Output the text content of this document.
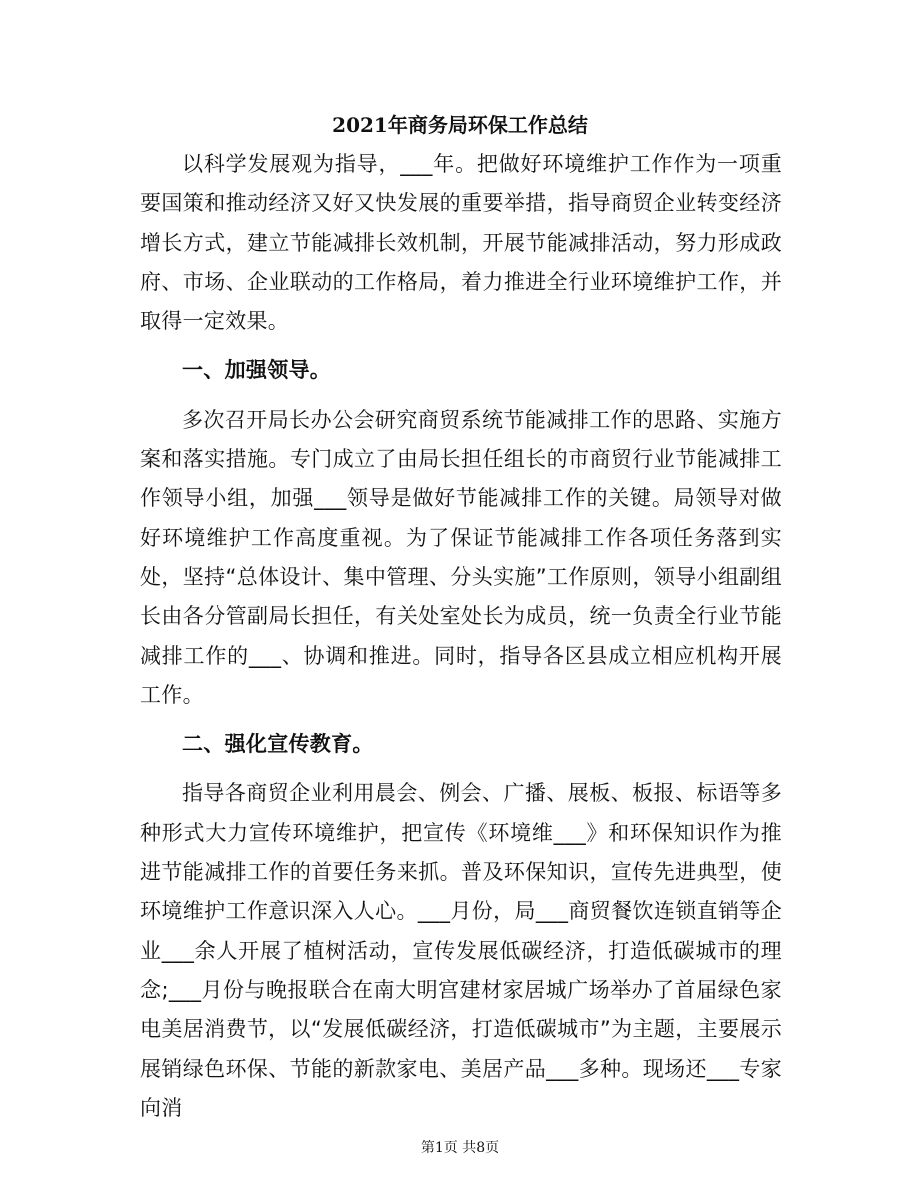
2021年商务局环保工作总结

以科学发展观为指导，___年。把做好环境维护工作作为一项重要国策和推动经济又好又快发展的重要举措，指导商贸企业转变经济增长方式，建立节能减排长效机制，开展节能减排活动，努力形成政府、市场、企业联动的工作格局，着力推进全行业环境维护工作，并取得一定效果。

一、加强领导。

多次召开局长办公会研究商贸系统节能减排工作的思路、实施方案和落实措施。专门成立了由局长担任组长的市商贸行业节能减排工作领导小组，加强___领导是做好节能减排工作的关键。局领导对做好环境维护工作高度重视。为了保证节能减排工作各项任务落到实处，坚持“总体设计、集中管理、分头实施”工作原则，领导小组副组长由各分管副局长担任，有关处室处长为成员，统一负责全行业节能减排工作的___、协调和推进。同时，指导各区县成立相应机构开展工作。

二、强化宣传教育。

指导各商贸企业利用晨会、例会、广播、展板、板报、标语等多种形式大力宣传环境维护，把宣传《环境维___》和环保知识作为推进节能减排工作的首要任务来抓。普及环保知识，宣传先进典型，使环境维护工作意识深入人心。___月份，局___商贸餐饮连锁直销等企业___余人开展了植树活动，宣传发展低碳经济，打造低碳城市的理念;___月份与晚报联合在南大明宫建材家居城广场举办了首届绿色家电美居消费节，以“发展低碳经济，打造低碳城市”为主题，主要展示展销绿色环保、节能的新款家电、美居产品___多种。现场还___专家向消

第1页 共8页
